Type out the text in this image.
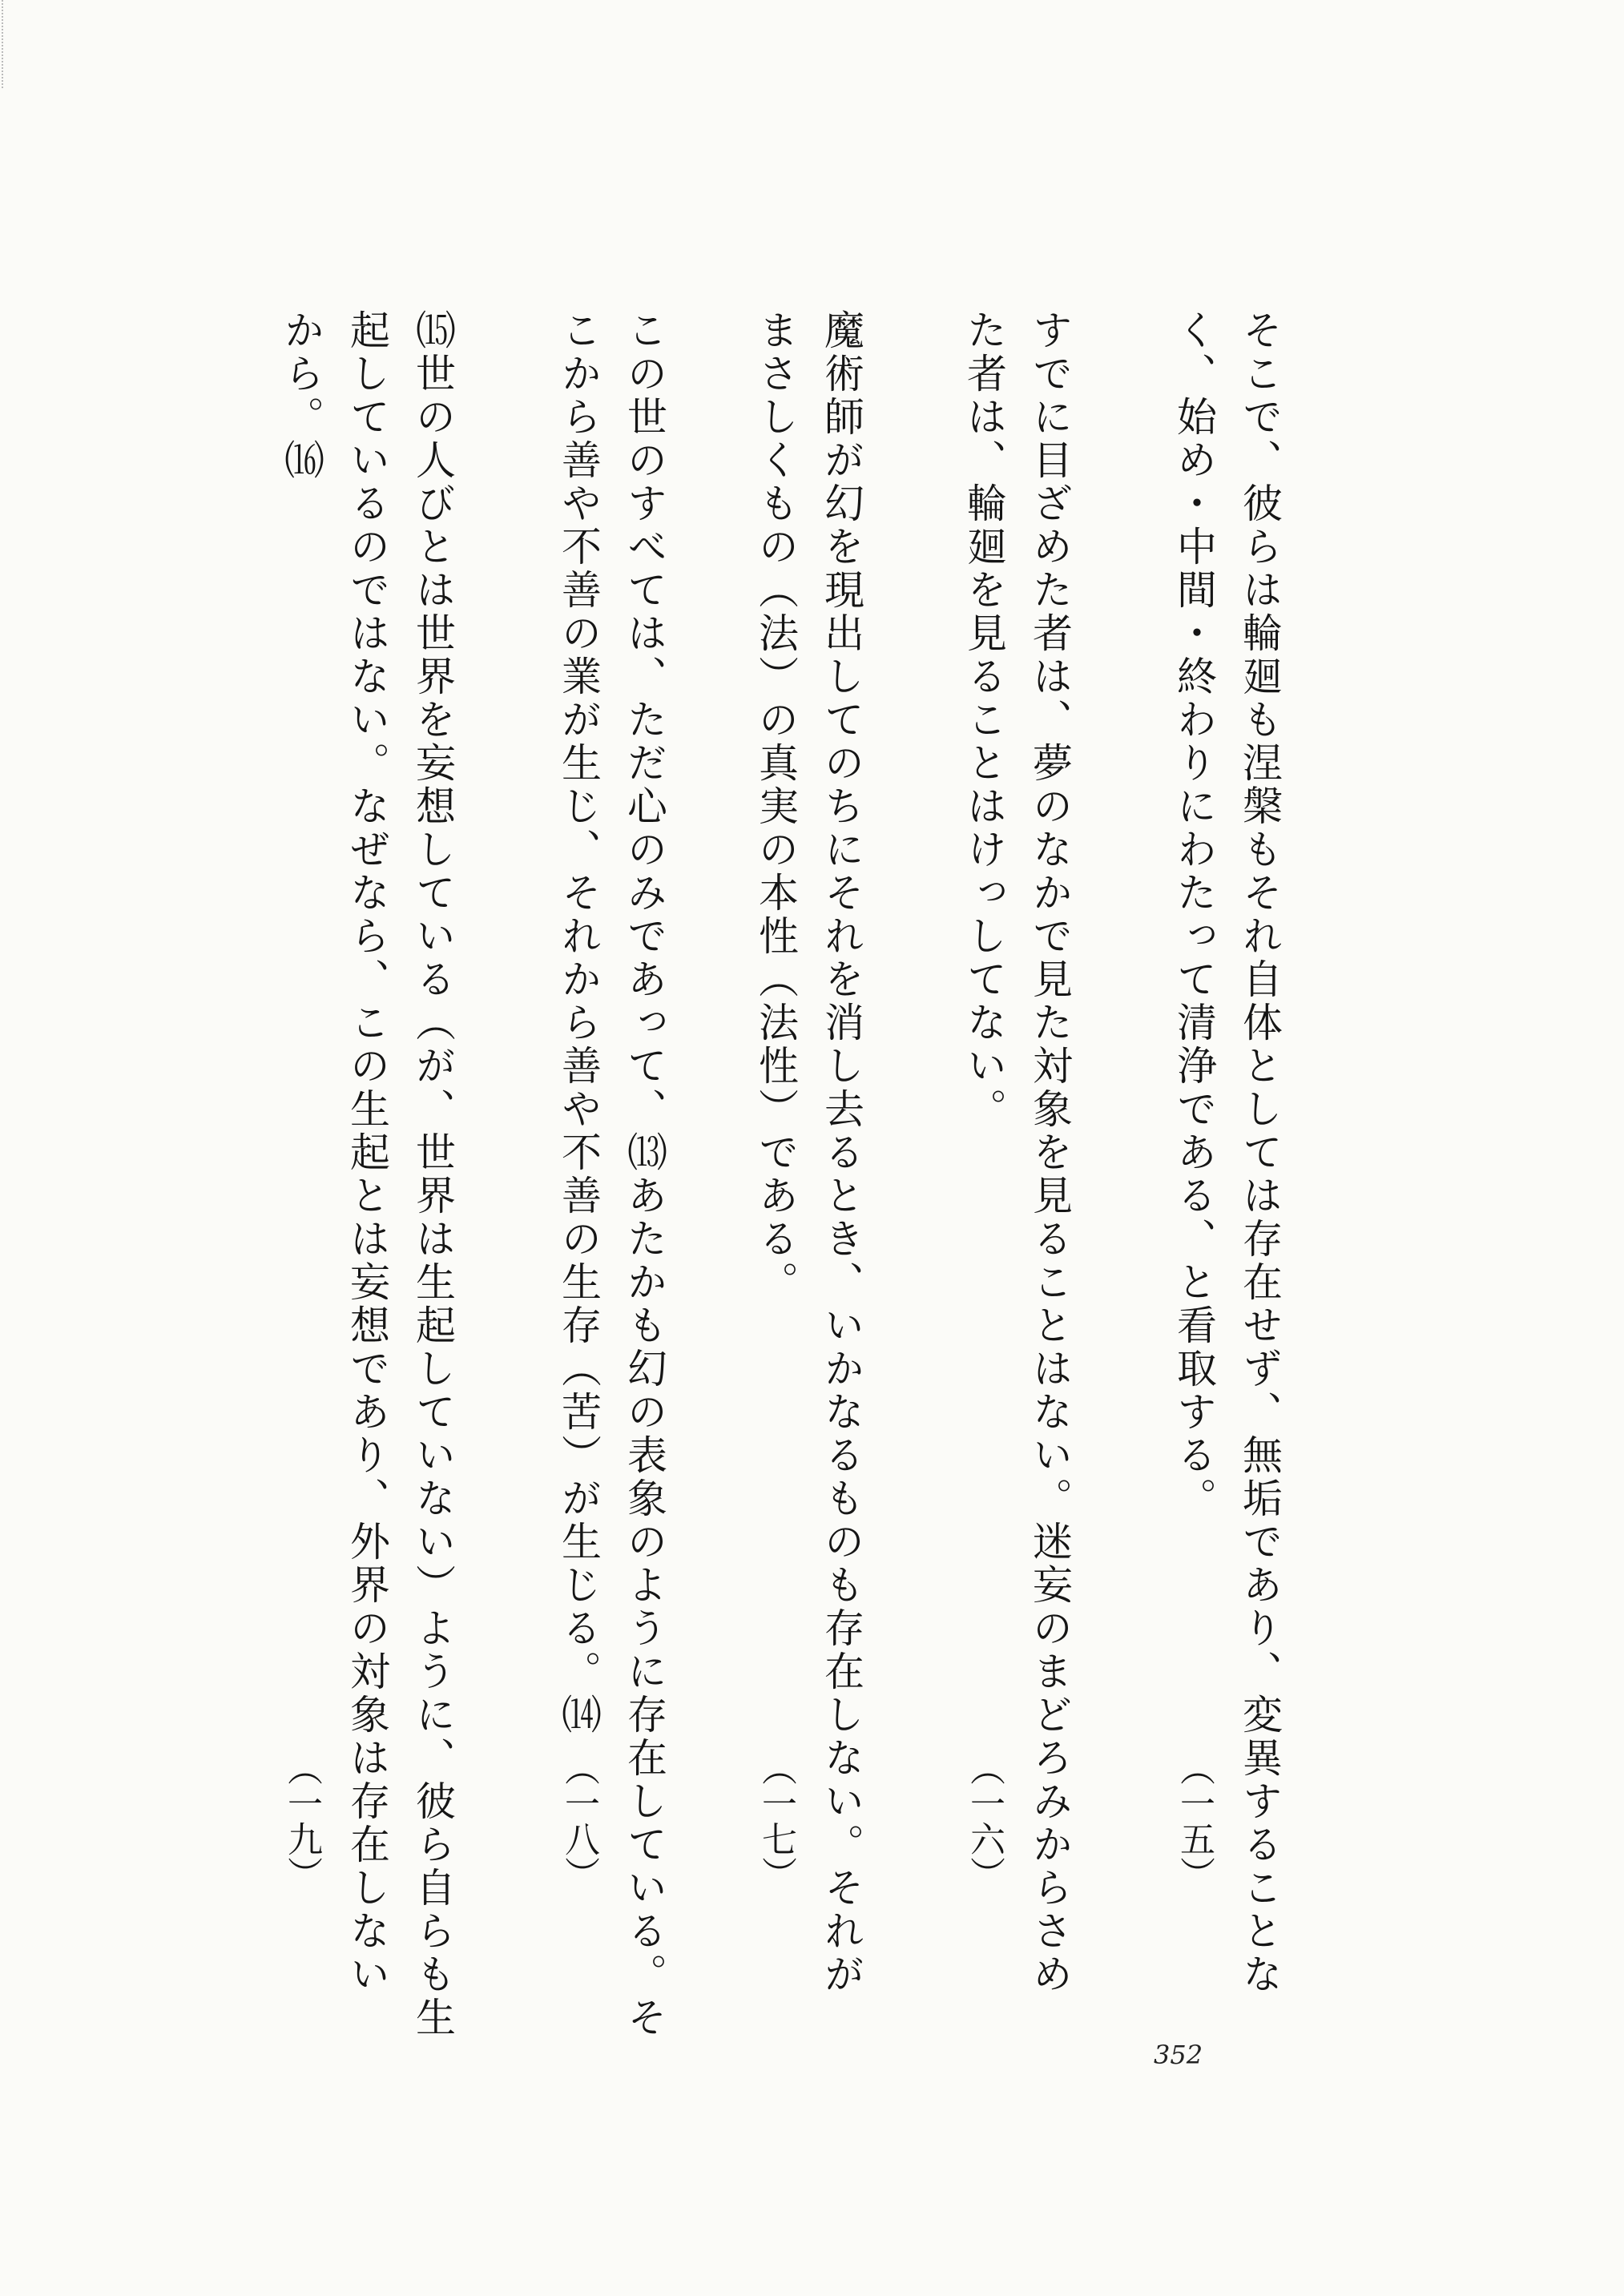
そこで、彼らは輪廻も涅槃もそれ自体としては存在せず、無垢であり、変異することな
く、始め・中間・終わりにわたって清浄である、と看取する。
（一五）
すでに目ざめた者は、夢のなかで見た対象を見ることはない。迷妄のまどろみからさめ
た者は、輪廻を見ることはけっしてない。
（一六）
魔術師が幻を現出してのちにそれを消し去るとき、いかなるものも存在しない。それが
まさしくもの（法）の真実の本性（法性）である。
（一七）
この世のすべては、ただ心のみであって、⒀あたかも幻の表象のように存在している。そ
こから善や不善の業が生じ、それから善や不善の生存（苦）が生じる。⒁
（一八）
⒂世の人びとは世界を妄想している（が、世界は生起していない）ように、彼ら自らも生
起しているのではない。なぜなら、この生起とは妄想であり、外界の対象は存在しない
から。⒃
（一九）
352
